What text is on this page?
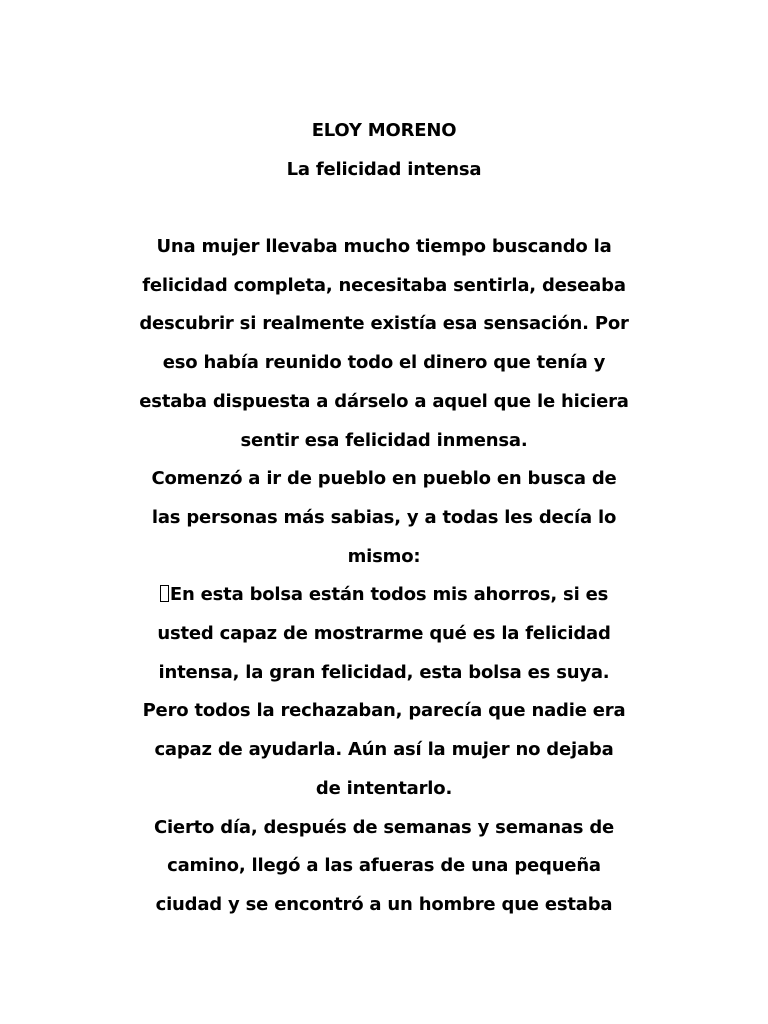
ELOY MORENO
La felicidad intensa
Una mujer llevaba mucho tiempo buscando la
felicidad completa, necesitaba sentirla, deseaba
descubrir si realmente existía esa sensación. Por
eso había reunido todo el dinero que tenía y
estaba dispuesta a dárselo a aquel que le hiciera
sentir esa felicidad inmensa.
Comenzó a ir de pueblo en pueblo en busca de
las personas más sabias, y a todas les decía lo
mismo:
En esta bolsa están todos mis ahorros, si es
usted capaz de mostrarme qué es la felicidad
intensa, la gran felicidad, esta bolsa es suya.
Pero todos la rechazaban, parecía que nadie era
capaz de ayudarla. Aún así la mujer no dejaba
de intentarlo.
Cierto día, después de semanas y semanas de
camino, llegó a las afueras de una pequeña
ciudad y se encontró a un hombre que estaba
